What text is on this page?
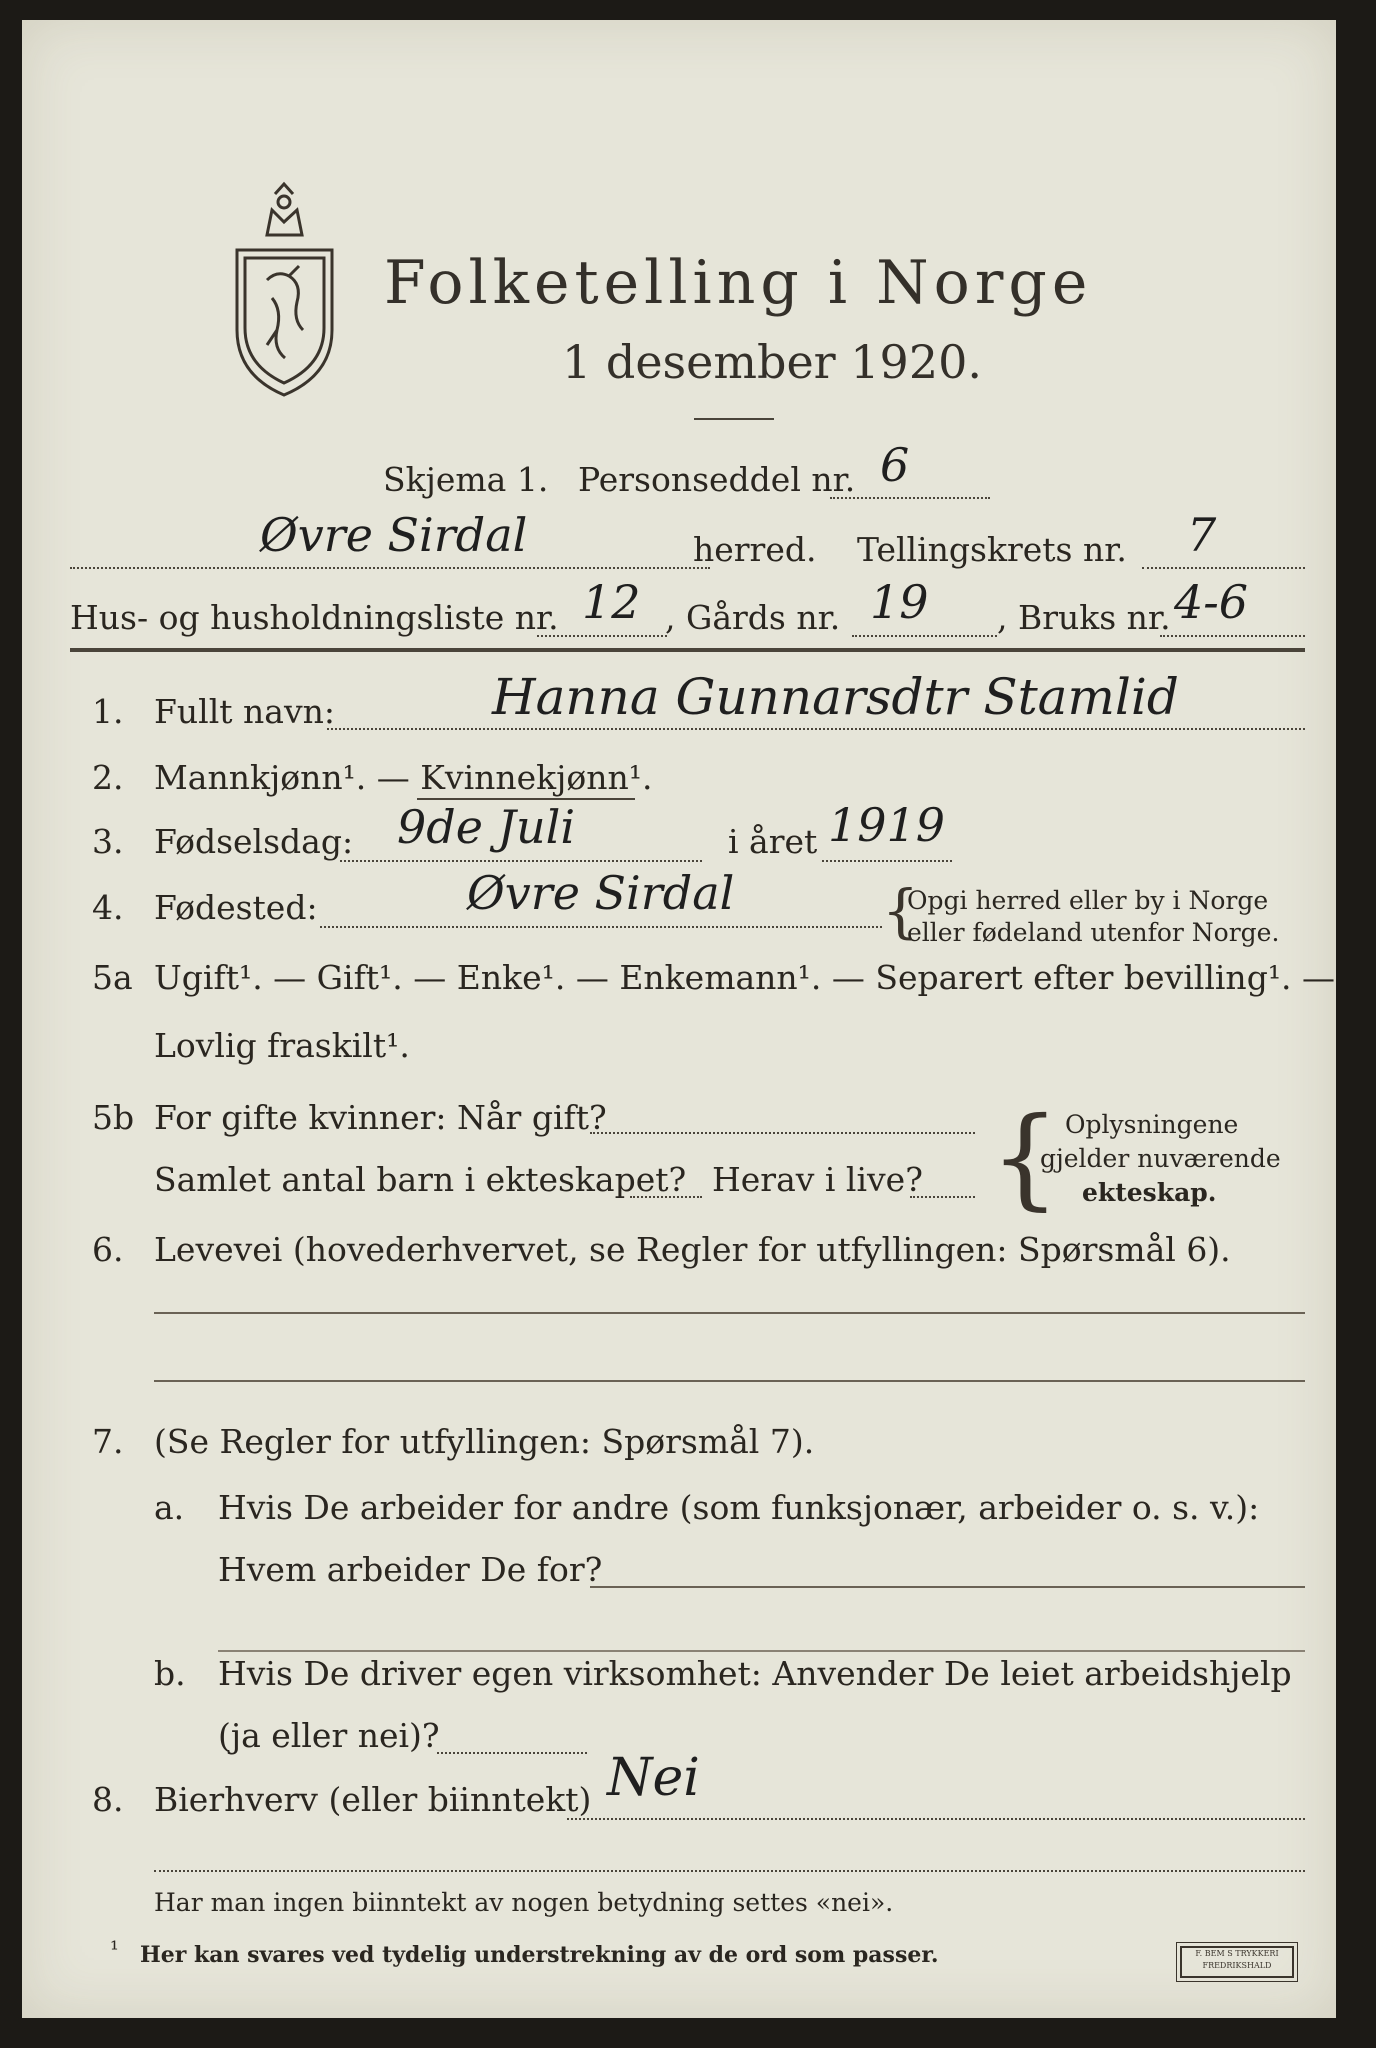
Folketelling i Norge
1 desember 1920.
Skjema 1. Personseddel nr. 6
Øvre Sirdal	herred. Tellingskrets nr. 7
Hus- og husholdningsliste nr. 12 , Gårds nr. 19 , Bruks nr. 4-6
1. Fullt navn:	Hanna Gunnarsdtr Stamlid
2. Mannkjønn¹. — Kvinnekjønn¹.
3. Fødselsdag: 9de Juli	i året 1919
4. Fødested:	Øvre Sirdal	{
Opgi herred eller by i Norge
eller fødeland utenfor Norge.
5a Ugift¹. — Gift¹. — Enke¹. — Enkemann¹. — Separert efter bevilling¹. —
Lovlig fraskilt¹.
5b For gifte kvinner: Når gift?
Samlet antal barn i ekteskapet? Herav i live? { Oplysningene
gjelder nuværende
ekteskap.
6. Levevei (hovederhvervet, se Regler for utfyllingen: Spørsmål 6).
7. (Se Regler for utfyllingen: Spørsmål 7).
a. Hvis De arbeider for andre (som funksjonær, arbeider o. s. v.):
Hvem arbeider De for?
b. Hvis De driver egen virksomhet: Anvender De leiet arbeidshjelp
(ja eller nei)?
8. Bierhverv (eller biinntekt) Nei
Har man ingen biinntekt av nogen betydning settes «nei».
¹ Her kan svares ved tydelig understrekning av de ord som passer.	F. BEM S TRYKKERI
FREDRIKSHALD
